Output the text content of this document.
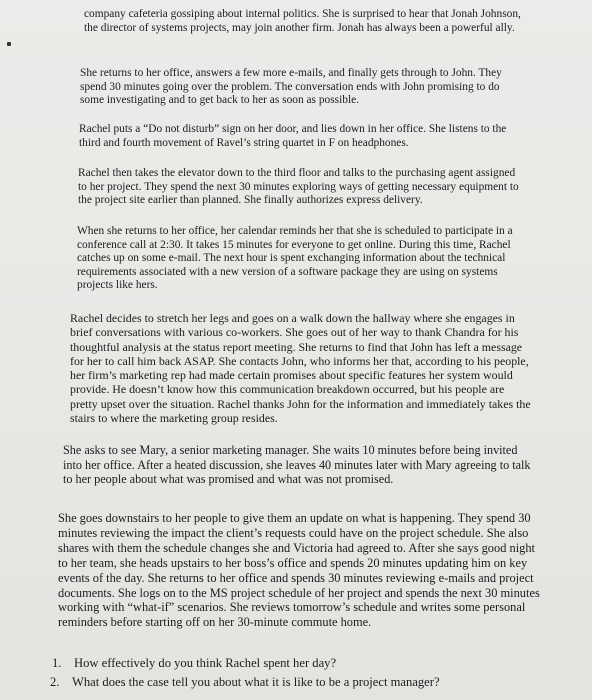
company cafeteria gossiping about internal politics. She is surprised to hear that Jonah Johnson,
the director of systems projects, may join another firm. Jonah has always been a powerful ally.

She returns to her office, answers a few more e-mails, and finally gets through to John. They
spend 30 minutes going over the problem. The conversation ends with John promising to do
some investigating and to get back to her as soon as possible.

Rachel puts a “Do not disturb” sign on her door, and lies down in her office. She listens to the
third and fourth movement of Ravel’s string quartet in F on headphones.

Rachel then takes the elevator down to the third floor and talks to the purchasing agent assigned
to her project. They spend the next 30 minutes exploring ways of getting necessary equipment to
the project site earlier than planned. She finally authorizes express delivery.

When she returns to her office, her calendar reminds her that she is scheduled to participate in a
conference call at 2:30. It takes 15 minutes for everyone to get online. During this time, Rachel
catches up on some e-mail. The next hour is spent exchanging information about the technical
requirements associated with a new version of a software package they are using on systems
projects like hers.

Rachel decides to stretch her legs and goes on a walk down the hallway where she engages in
brief conversations with various co-workers. She goes out of her way to thank Chandra for his
thoughtful analysis at the status report meeting. She returns to find that John has left a message
for her to call him back ASAP. She contacts John, who informs her that, according to his people,
her firm’s marketing rep had made certain promises about specific features her system would
provide. He doesn’t know how this communication breakdown occurred, but his people are
pretty upset over the situation. Rachel thanks John for the information and immediately takes the
stairs to where the marketing group resides.

She asks to see Mary, a senior marketing manager. She waits 10 minutes before being invited
into her office. After a heated discussion, she leaves 40 minutes later with Mary agreeing to talk
to her people about what was promised and what was not promised.

She goes downstairs to her people to give them an update on what is happening. They spend 30
minutes reviewing the impact the client’s requests could have on the project schedule. She also
shares with them the schedule changes she and Victoria had agreed to. After she says good night
to her team, she heads upstairs to her boss’s office and spends 20 minutes updating him on key
events of the day. She returns to her office and spends 30 minutes reviewing e-mails and project
documents. She logs on to the MS project schedule of her project and spends the next 30 minutes
working with “what-if” scenarios. She reviews tomorrow’s schedule and writes some personal
reminders before starting off on her 30-minute commute home.

1. How effectively do you think Rachel spent her day?
2. What does the case tell you about what it is like to be a project manager?
